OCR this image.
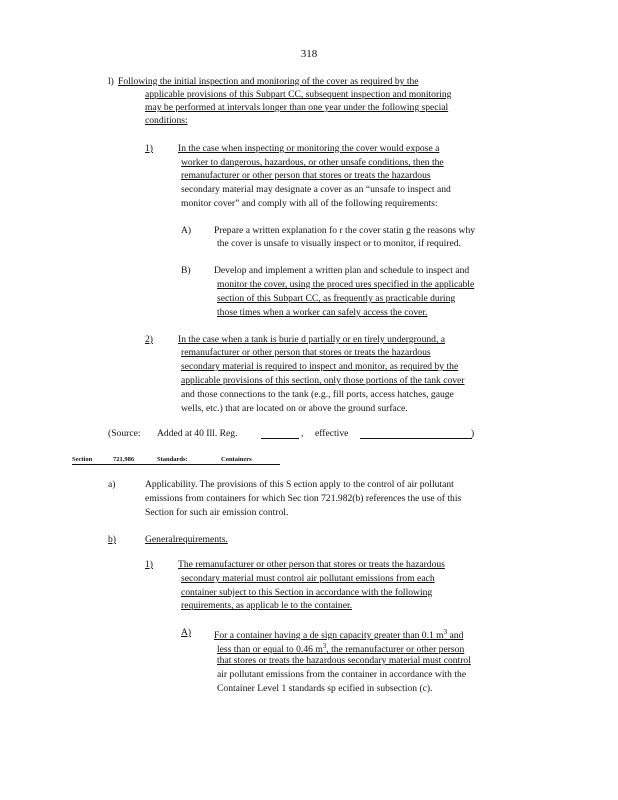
318
l) Following the initial inspection and monitoring of the cover as required by the
applicable provisions of this Subpart CC, subsequent inspection and monitoring
may be performed at intervals longer than one year under the following special
conditions:
1)	In the case when inspecting or monitoring the cover would expose a
worker to dangerous, hazardous, or other unsafe conditions, then the
remanufacturer or other person that stores or treats the hazardous
secondary material may designate a cover as an “unsafe to inspect and
monitor cover” and comply with all of the following requirements:
A) Prepare a written explanation fo r the cover statin g the reasons why
the cover is unsafe to visually inspect or to monitor, if required.
B) Develop and implement a written plan and schedule to inspect and
monitor the cover, using the proced ures specified in the applicable
section of this Subpart CC, as frequently as practicable during
those times when a worker can safely access the cover.
2)	In the case when a tank is burie d partially or en tirely underground, a
remanufacturer or other person that stores or treats the hazardous
secondary material is required to inspect and monitor, as required by the
applicable provisions of this section, only those portions of the tank cover
and those connections to the tank (e.g., fill ports, access hatches, gauge
wells, etc.) that are located on or above the ground surface.
(Source: Added at 40 Ill. Reg.	, effective	)
Section	721.986	Standards:	Containers
a)	Applicability. The provisions of this S ection apply to the control of air pollutant
emissions from containers for which Sec tion 721.982(b) references the use of this
Section for such air emission control.
b)	Generalrequirements.
1)	The remanufacturer or other person that stores or treats the hazardous
secondary material must control air pollutant emissions from each
container subject to this Section in accordance with the following
requirements, as applicab le to the container.
A) For a container having a de sign capacity greater than 0.1 $m^3$ and
less than or equal to 0.46 $m^3$, the remanufacturer or other person
that stores or treats the hazardous secondary material must control
air pollutant emissions from the container in accordance with the
Container Level 1 standards sp ecified in subsection (c).
